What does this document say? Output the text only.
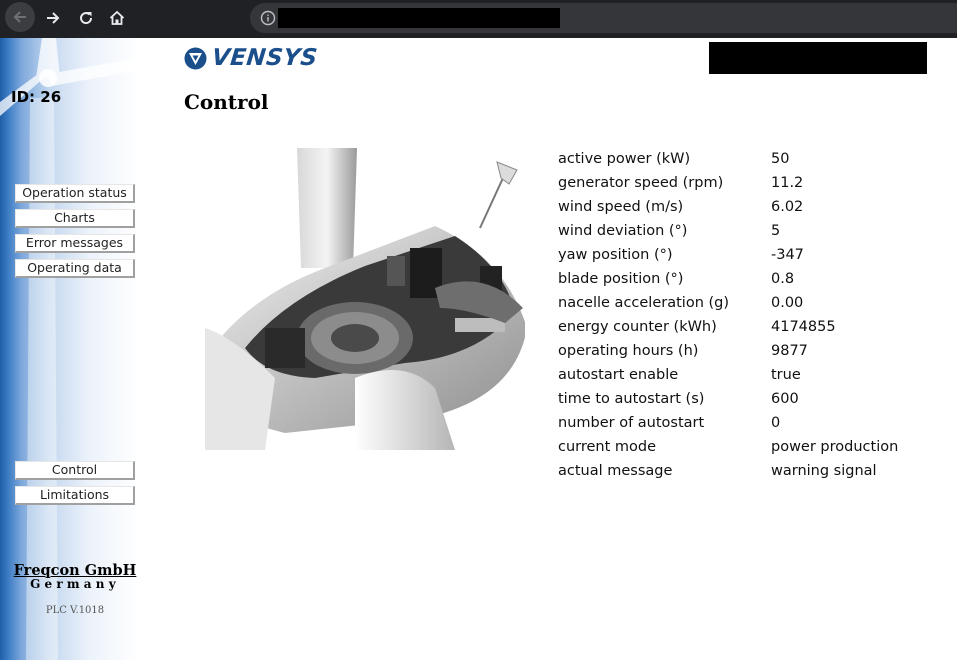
ID: 26
Operation status
Charts
Error messages
Operating data
Control
Limitations
Freqcon GmbH
Germany
PLC V.1018
VENSYS
Control
active power (kW)	50
generator speed (rpm)	11.2
wind speed (m/s)	6.02
wind deviation (°)	5
yaw position (°)	-347
blade position (°)	0.8
nacelle acceleration (g)	0.00
energy counter (kWh)	4174855
operating hours (h)	9877
autostart enable	true
time to autostart (s)	600
number of autostart	0
current mode	power production
actual message	warning signal
